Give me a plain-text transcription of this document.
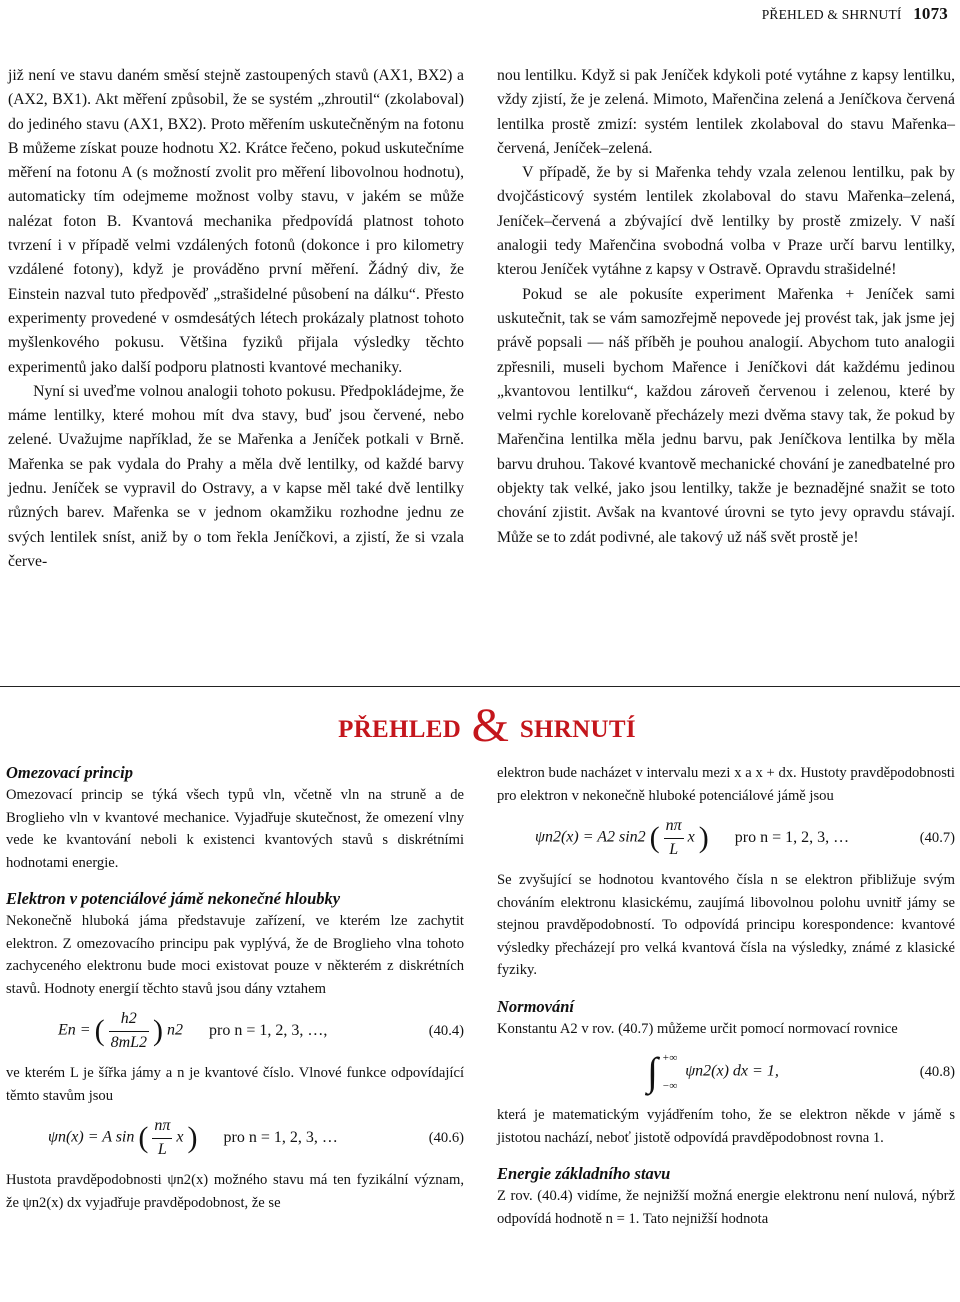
PŘEHLED & SHRNUTÍ 1073

již není ve stavu daném směsí stejně zastoupených stavů (AX1, BX2) a (AX2, BX1). Akt měření způsobil, že se systém „zhroutil“ (zkolaboval) do jediného stavu (AX1, BX2). Proto měřením uskutečněným na fotonu B můžeme získat pouze hodnotu X2. Krátce řečeno, pokud uskutečníme měření na fotonu A (s možností zvolit pro měření libovolnou hodnotu), automaticky tím odejmeme možnost volby stavu, v jakém se může nalézat foton B. Kvantová mechanika předpovídá platnost tohoto tvrzení i v případě velmi vzdálených fotonů (dokonce i pro kilometry vzdálené fotony), když je prováděno první měření. Žádný div, že Einstein nazval tuto předpověď „strašidelné působení na dálku“. Přesto experimenty provedené v osmdesátých létech prokázaly platnost tohoto myšlenkového pokusu. Většina fyziků přijala výsledky těchto experimentů jako další podporu platnosti kvantové mechaniky.

Nyní si uveďme volnou analogii tohoto pokusu. Předpokládejme, že máme lentilky, které mohou mít dva stavy, buď jsou červené, nebo zelené. Uvažujme například, že se Mařenka a Jeníček potkali v Brně. Mařenka se pak vydala do Prahy a měla dvě lentilky, od každé barvy jednu. Jeníček se vypravil do Ostravy, a v kapse měl také dvě lentilky různých barev. Mařenka se v jednom okamžiku rozhodne jednu ze svých lentilek sníst, aniž by o tom řekla Jeníčkovi, a zjistí, že si vzala červe-

nou lentilku. Když si pak Jeníček kdykoli poté vytáhne z kapsy lentilku, vždy zjistí, že je zelená. Mimoto, Mařenčina zelená a Jeníčkova červená lentilka prostě zmizí: systém lentilek zkolaboval do stavu Mařenka–červená, Jeníček–zelená.

V případě, že by si Mařenka tehdy vzala zelenou lentilku, pak by dvojčásticový systém lentilek zkolaboval do stavu Mařenka–zelená, Jeníček–červená a zbývající dvě lentilky by prostě zmizely. V naší analogii tedy Mařenčina svobodná volba v Praze určí barvu lentilky, kterou Jeníček vytáhne z kapsy v Ostravě. Opravdu strašidelné!

Pokud se ale pokusíte experiment Mařenka + Jeníček sami uskutečnit, tak se vám samozřejmě nepovede jej provést tak, jak jsme jej právě popsali — náš příběh je pouhou analogií. Abychom tuto analogii zpřesnili, museli bychom Mařence i Jeníčkovi dát každému jedinou „kvantovou lentilku“, každou zároveň červenou i zelenou, které by velmi rychle korelovaně přecházely mezi dvěma stavy tak, že pokud by Mařenčina lentilka měla jednu barvu, pak Jeníčkova lentilka by měla barvu druhou. Takové kvantově mechanické chování je zanedbatelné pro objekty tak velké, jako jsou lentilky, takže je beznadějné snažit se toto chování zjistit. Avšak na kvantové úrovni se tyto jevy opravdu stávají. Může se to zdát podivné, ale takový už náš svět prostě je!

PŘEHLED & SHRNUTÍ
Omezovací princip

Omezovací princip se týká všech typů vln, včetně vln na struně a de Broglieho vln v kvantové mechanice. Vyjadřuje skutečnost, že omezení vlny vede ke kvantování neboli k existenci kvantových stavů s diskrétními hodnotami energie.

Elektron v potenciálové jámě nekonečné hloubky

Nekonečně hluboká jáma představuje zařízení, ve kterém lze zachytit elektron. Z omezovacího principu pak vyplývá, že de Broglieho vlna tohoto zachyceného elektronu bude moci existovat pouze v některém z diskrétních stavů. Hodnoty energií těchto stavů jsou dány vztahem

En = ( $\frac{h2}{8mL2}$ ) n2 pro n = 1, 2, 3, …,	(40.4)

ve kterém L je šířka jámy a n je kvantové číslo. Vlnové funkce odpovídající těmto stavům jsou

ψn(x) = A sin ( $\frac{n\pi}{L}$ x ) pro n = 1, 2, 3, …	(40.6)

Hustota pravděpodobnosti ψn2(x) možného stavu má ten fyzikální význam, že ψn2(x) dx vyjadřuje pravděpodobnost, že se

elektron bude nacházet v intervalu mezi x a x + dx. Hustoty pravděpodobnosti pro elektron v nekonečně hluboké potenciálové jámě jsou

ψn2(x) = A2 sin2 ( $\frac{n\pi}{L}$ x ) pro n = 1, 2, 3, …	(40.7)

Se zvyšující se hodnotou kvantového čísla n se elektron přibližuje svým chováním elektronu klasickému, zaujímá libovolnou polohu uvnitř jámy se stejnou pravděpodobností. To odpovídá principu korespondence: kvantové výsledky přecházejí pro velká kvantová čísla na výsledky, známé z klasické fyziky.

Normování

Konstantu A2 v rov. (40.7) můžeme určit pomocí normovací rovnice

∫ +∞
−∞
ψn2(x) dx = 1,	(40.8)

která je matematickým vyjádřením toho, že se elektron někde v jámě s jistotou nachází, neboť jistotě odpovídá pravděpodobnost rovna 1.

Energie základního stavu

Z rov. (40.4) vidíme, že nejnižší možná energie elektronu není nulová, nýbrž odpovídá hodnotě n = 1. Tato nejnižší hodnota
